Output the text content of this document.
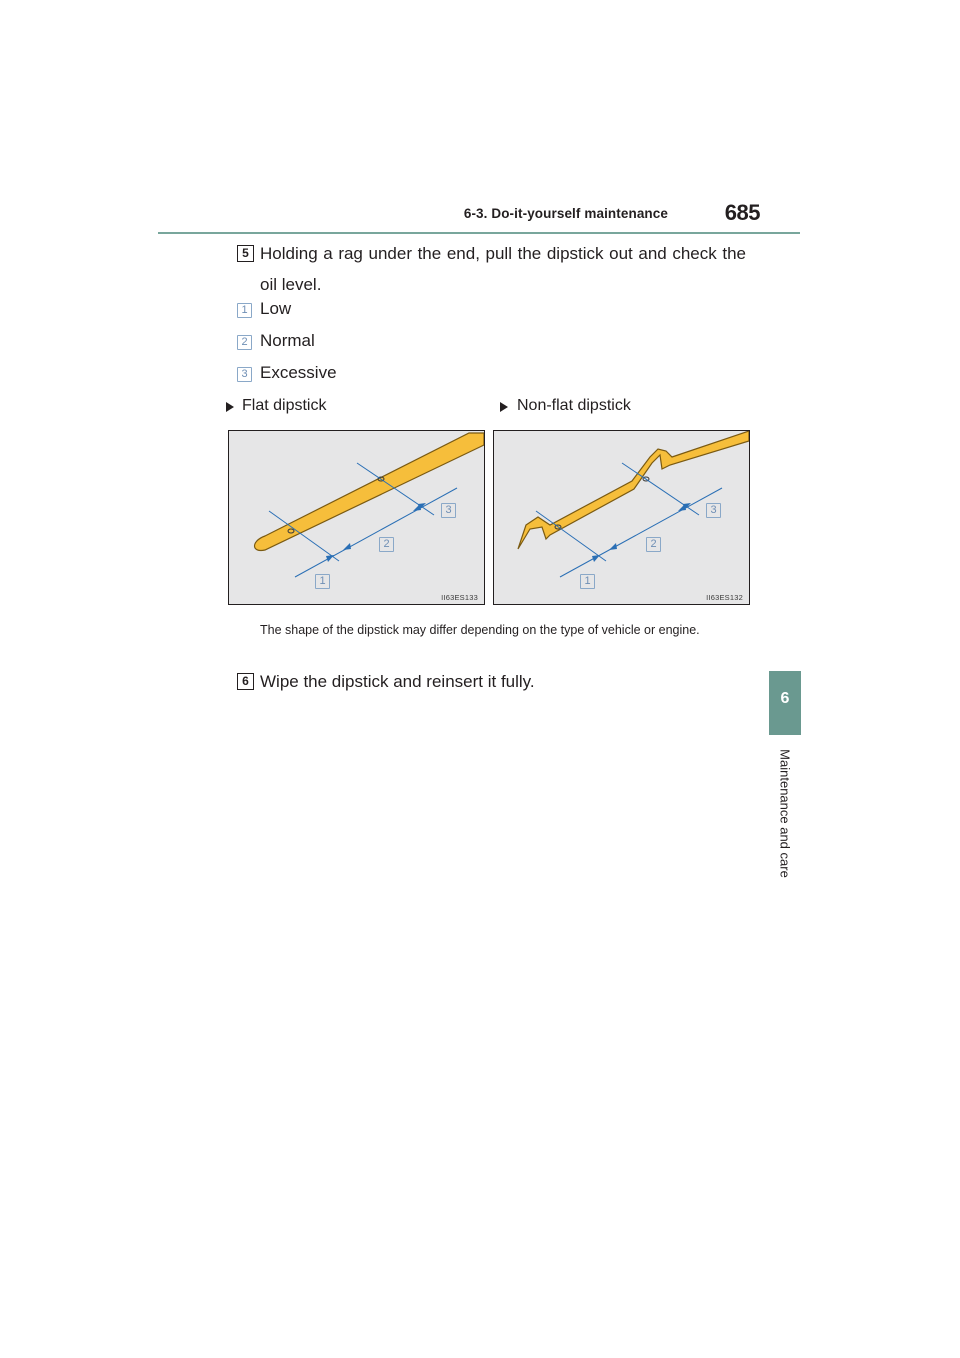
6-3. Do-it-yourself maintenance	685
6
Maintenance and care
5 Holding a rag under the end, pull the dipstick out and check the oil level.
1 Low
2 Normal
3 Excessive
Flat dipstick	Non-flat dipstick
1
2
3
II63ES133
1
2
3
II63ES132
The shape of the dipstick may differ depending on the type of vehicle or engine.
6 Wipe the dipstick and reinsert it fully.
